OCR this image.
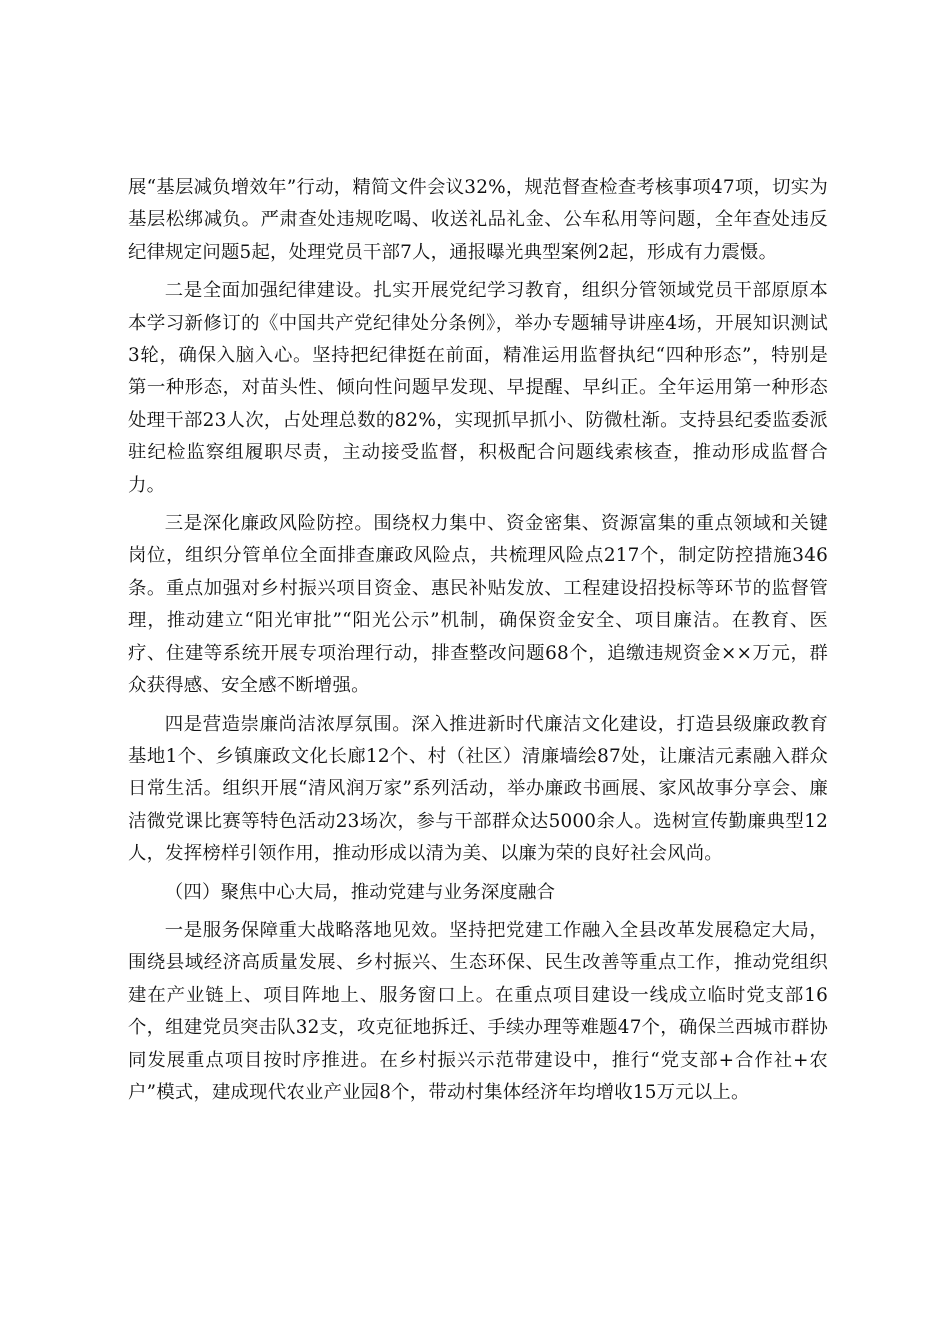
展“基层减负增效年”行动，精简文件会议32%，规范督查检查考核事项47项，切实为基层松绑减负。严肃查处违规吃喝、收送礼品礼金、公车私用等问题，全年查处违反纪律规定问题5起，处理党员干部7人，通报曝光典型案例2起，形成有力震慑。

二是全面加强纪律建设。扎实开展党纪学习教育，组织分管领域党员干部原原本本学习新修订的《中国共产党纪律处分条例》，举办专题辅导讲座4场，开展知识测试3轮，确保入脑入心。坚持把纪律挺在前面，精准运用监督执纪“四种形态”，特别是第一种形态，对苗头性、倾向性问题早发现、早提醒、早纠正。全年运用第一种形态处理干部23人次，占处理总数的82%，实现抓早抓小、防微杜渐。支持县纪委监委派驻纪检监察组履职尽责，主动接受监督，积极配合问题线索核查，推动形成监督合力。

三是深化廉政风险防控。围绕权力集中、资金密集、资源富集的重点领域和关键岗位，组织分管单位全面排查廉政风险点，共梳理风险点217个，制定防控措施346条。重点加强对乡村振兴项目资金、惠民补贴发放、工程建设招投标等环节的监督管理，推动建立“阳光审批”“阳光公示”机制，确保资金安全、项目廉洁。在教育、医疗、住建等系统开展专项治理行动，排查整改问题68个，追缴违规资金××万元，群众获得感、安全感不断增强。

四是营造崇廉尚洁浓厚氛围。深入推进新时代廉洁文化建设，打造县级廉政教育基地1个、乡镇廉政文化长廊12个、村（社区）清廉墙绘87处，让廉洁元素融入群众日常生活。组织开展“清风润万家”系列活动，举办廉政书画展、家风故事分享会、廉洁微党课比赛等特色活动23场次，参与干部群众达5000余人。选树宣传勤廉典型12人，发挥榜样引领作用，推动形成以清为美、以廉为荣的良好社会风尚。

（四）聚焦中心大局，推动党建与业务深度融合

一是服务保障重大战略落地见效。坚持把党建工作融入全县改革发展稳定大局，围绕县域经济高质量发展、乡村振兴、生态环保、民生改善等重点工作，推动党组织建在产业链上、项目阵地上、服务窗口上。在重点项目建设一线成立临时党支部16个，组建党员突击队32支，攻克征地拆迁、手续办理等难题47个，确保兰西城市群协同发展重点项目按时序推进。在乡村振兴示范带建设中，推行“党支部+合作社+农户”模式，建成现代农业产业园8个，带动村集体经济年均增收15万元以上。
